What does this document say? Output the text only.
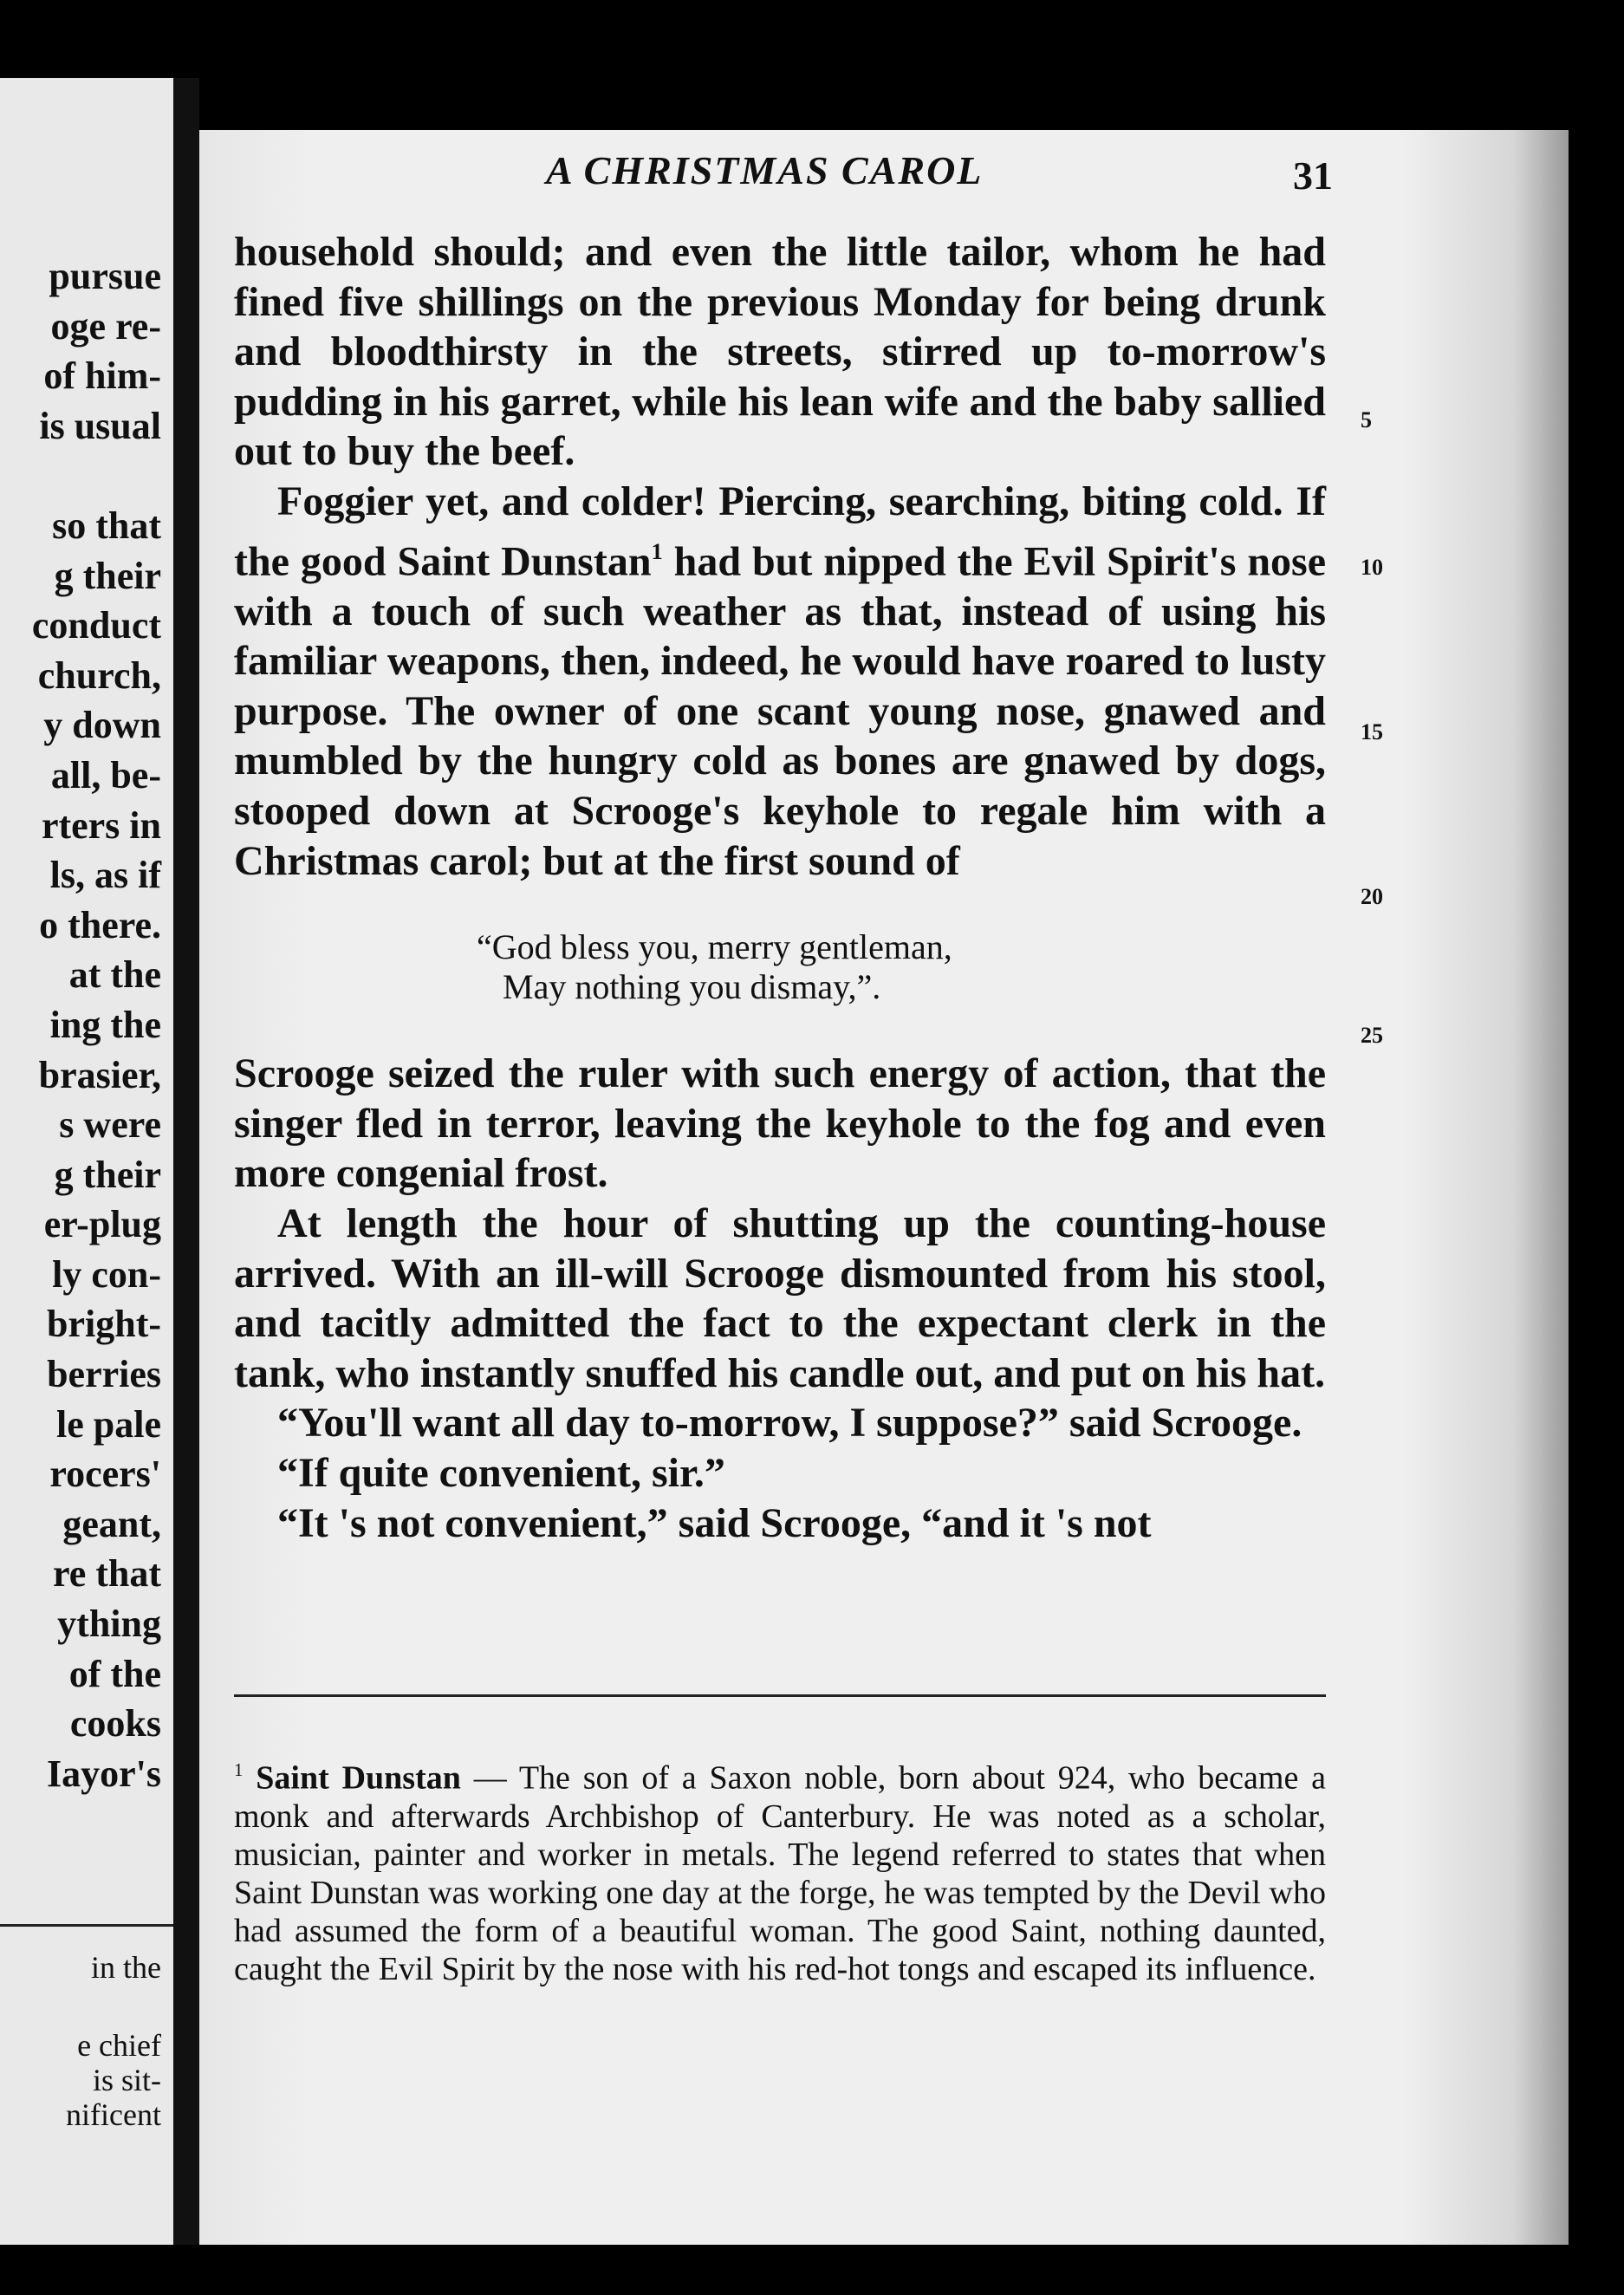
pursue
oge re-
of him-
is usual

so that
g their
conduct
church,
y down
all, be-
rters in
ls, as if
o there.
at the
ing the
brasier,
s were
g their
er-plug
ly con-
bright-
berries
le pale
rocers'
geant,
re that
ything
of the
cooks
Iayor's
in the
e chief
is sit-
nificent
A CHRISTMAS CAROL	31

household should; and even the little tailor, whom he had fined five shillings on the previous Monday for being drunk and bloodthirsty in the streets, stirred up to-morrow's pudding in his garret, while his lean wife and the baby sallied out to buy the beef.

Foggier yet, and colder! Piercing, searching, biting cold. If the good Saint Dunstan$^1$ had but nipped the Evil Spirit's nose with a touch of such weather as that, instead of using his familiar weapons, then, indeed, he would have roared to lusty purpose. The owner of one scant young nose, gnawed and mumbled by the hungry cold as bones are gnawed by dogs, stooped down at Scrooge's keyhole to regale him with a Christmas carol; but at the first sound of

“God bless you, merry gentleman,
May nothing you dismay,”.

Scrooge seized the ruler with such energy of action, that the singer fled in terror, leaving the keyhole to the fog and even more congenial frost.

At length the hour of shutting up the counting-house arrived. With an ill-will Scrooge dismounted from his stool, and tacitly admitted the fact to the expectant clerk in the tank, who instantly snuffed his candle out, and put on his hat.

“You'll want all day to-morrow, I suppose?” said Scrooge.

“If quite convenient, sir.”

“It 's not convenient,” said Scrooge, “and it 's not

5
10
15
20
25
$^1$ Saint Dunstan — The son of a Saxon noble, born about 924, who became a monk and afterwards Archbishop of Canterbury. He was noted as a scholar, musician, painter and worker in metals. The legend referred to states that when Saint Dunstan was working one day at the forge, he was tempted by the Devil who had assumed the form of a beautiful woman. The good Saint, nothing daunted, caught the Evil Spirit by the nose with his red-hot tongs and escaped its influence.
